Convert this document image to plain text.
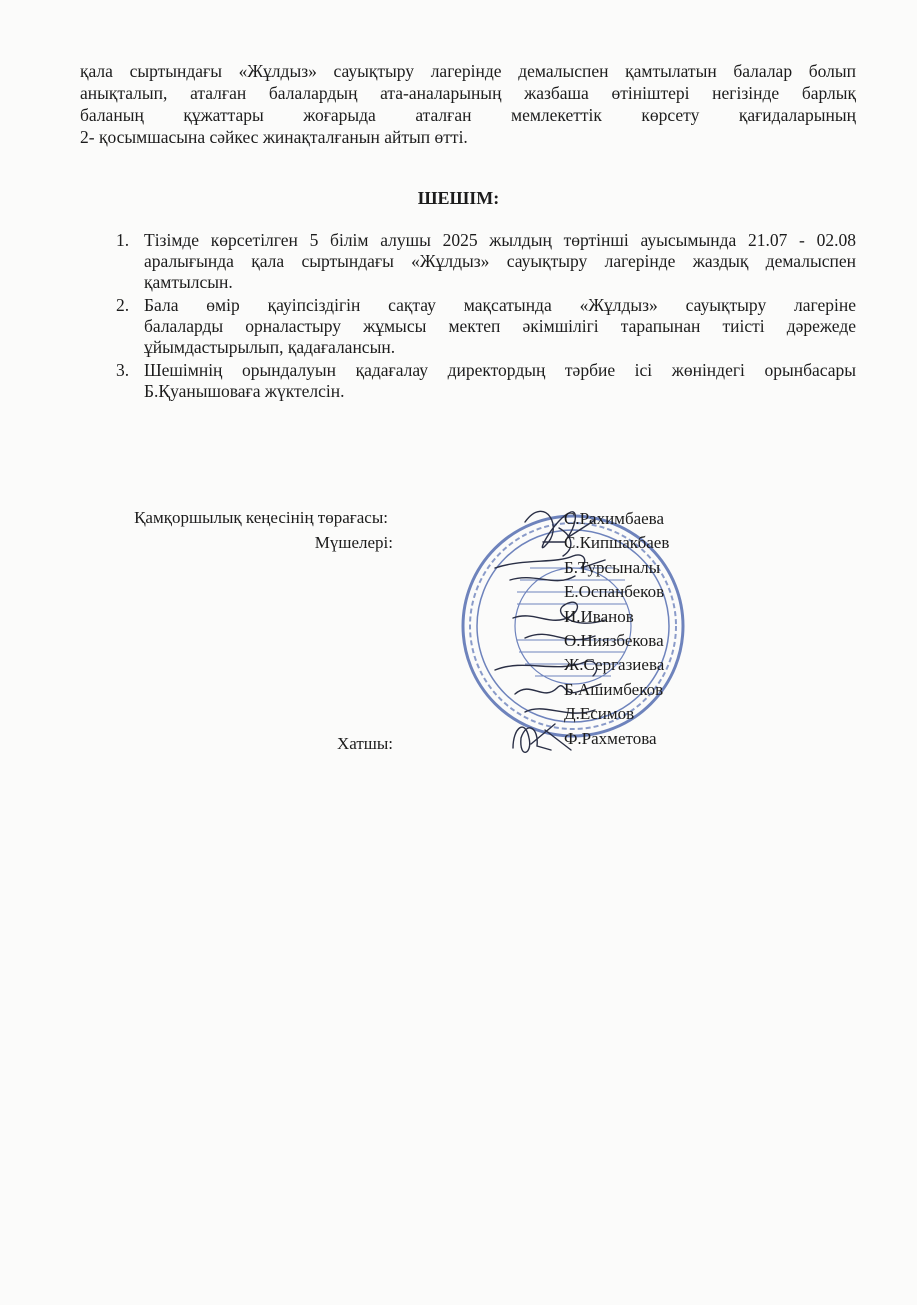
қала сыртындағы «Жұлдыз» сауықтыру лагерінде демалыспен қамтылатын балалар болып
анықталып, аталған балалардың ата-аналарының жазбаша өтініштері негізінде барлық
баланың құжаттары жоғарыда аталған мемлекеттік көрсету қағидаларының
2- қосымшасына сәйкес жинақталғанын айтып өтті.

ШЕШІМ:
1. Тізімде көрсетілген 5 білім алушы 2025 жылдың төртінші ауысымында 21.07 - 02.08
аралығында қала сыртындағы «Жұлдыз» сауықтыру лагерінде жаздық демалыспен
қамтылсын.
2. Бала өмір қауіпсіздігін сақтау мақсатында «Жұлдыз» сауықтыру лагеріне
балаларды орналастыру жұмысы мектеп әкімшілігі тарапынан тиісті дәрежеде
ұйымдастырылып, қадағалансын.
3. Шешімнің орындалуын қадағалау директордың тәрбие ісі жөніндегі орынбасары
Б.Қуанышоваға жүктелсін.

Қамқоршылық кеңесінің төрағасы:

Мүшелері:

Хатшы:

С.Рахимбаева
С.Кипшакбаев
Б.Турсыналы
Е.Оспанбеков
И.Иванов
О.Ниязбекова
Ж.Сергазиева
Б.Ашимбеков
Д.Есимов
Ф.Рахметова
